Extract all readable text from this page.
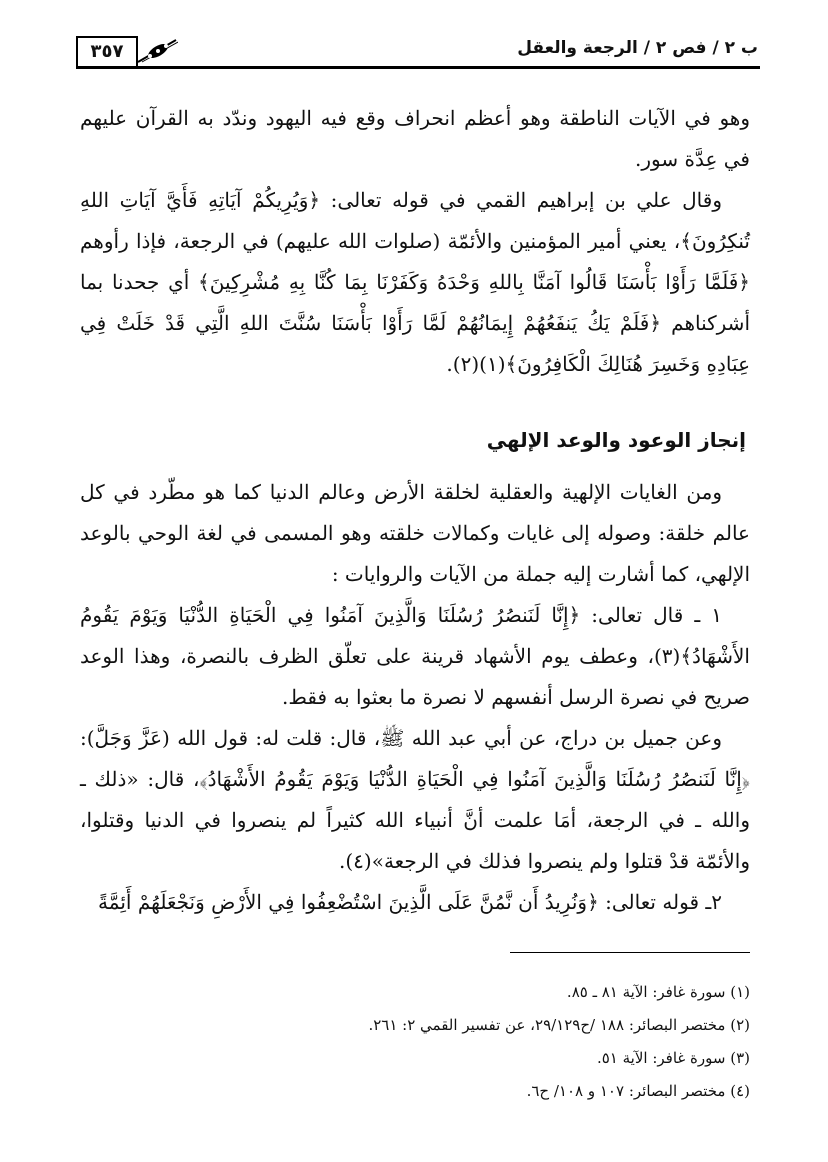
٣٥٧	ب ٢ / فص ٢ / الرجعة والعقل

وهو في الآيات الناطقة وهو أعظم انحراف وقع فيه اليهود وندّد به القرآن عليهم في عِدَّة سور.

وقال علي بن إبراهيم القمي في قوله تعالى: ﴿وَيُرِيكُمْ آيَاتِهِ فَأَيَّ آيَاتِ اللهِ تُنكِرُونَ﴾، يعني أمير المؤمنين والأئمّة (صلوات الله عليهم) في الرجعة، فإذا رأوهم ﴿فَلَمَّا رَأَوْا بَأْسَنَا قَالُوا آمَنَّا بِاللهِ وَحْدَهُ وَكَفَرْنَا بِمَا كُنَّا بِهِ مُشْرِكِينَ﴾ أي جحدنا بما أشركناهم ﴿فَلَمْ يَكُ يَنفَعُهُمْ إِيمَانُهُمْ لَمَّا رَأَوْا بَأْسَنَا سُنَّتَ اللهِ الَّتِي قَدْ خَلَتْ فِي عِبَادِهِ وَخَسِرَ هُنَالِكَ الْكَافِرُونَ﴾(١)(٢).

إنجاز الوعود والوعد الإلهي

ومن الغايات الإلهية والعقلية لخلقة الأرض وعالم الدنيا كما هو مطّرد في كل عالم خلقة: وصوله إلى غايات وكمالات خلقته وهو المسمى في لغة الوحي بالوعد الإلهي، كما أشارت إليه جملة من الآيات والروايات :

١ ـ قال تعالى: ﴿إِنَّا لَنَنصُرُ رُسُلَنَا وَالَّذِينَ آمَنُوا فِي الْحَيَاةِ الدُّنْيَا وَيَوْمَ يَقُومُ الأَشْهَادُ﴾(٣)، وعطف يوم الأشهاد قرينة على تعلّق الظرف بالنصرة، وهذا الوعد صريح في نصرة الرسل أنفسهم لا نصرة ما بعثوا به فقط.

وعن جميل بن دراج، عن أبي عبد الله ﷺ، قال: قلت له: قول الله (عَزَّ وَجَلَّ): ﴿إِنَّا لَنَنصُرُ رُسُلَنَا وَالَّذِينَ آمَنُوا فِي الْحَيَاةِ الدُّنْيَا وَيَوْمَ يَقُومُ الأَشْهَادُ﴾، قال: «ذلك ـ والله ـ في الرجعة، أمَا علمت أنَّ أنبياء الله كثيراً لم ينصروا في الدنيا وقتلوا، والأئمّة قدْ قتلوا ولم ينصروا فذلك في الرجعة»(٤).

٢ـ قوله تعالى: ﴿وَنُرِيدُ أَن نَّمُنَّ عَلَى الَّذِينَ اسْتُضْعِفُوا فِي الأَرْضِ وَنَجْعَلَهُمْ أَئِمَّةً

(١) سورة غافر: الآية ٨١ ـ ٨٥.
(٢) مختصر البصائر: ١٨٨ /ح٢٩/١٢٩، عن تفسير القمي ٢: ٢٦١.
(٣) سورة غافر: الآية ٥١.
(٤) مختصر البصائر: ١٠٧ و ١٠٨/ ح٦.
